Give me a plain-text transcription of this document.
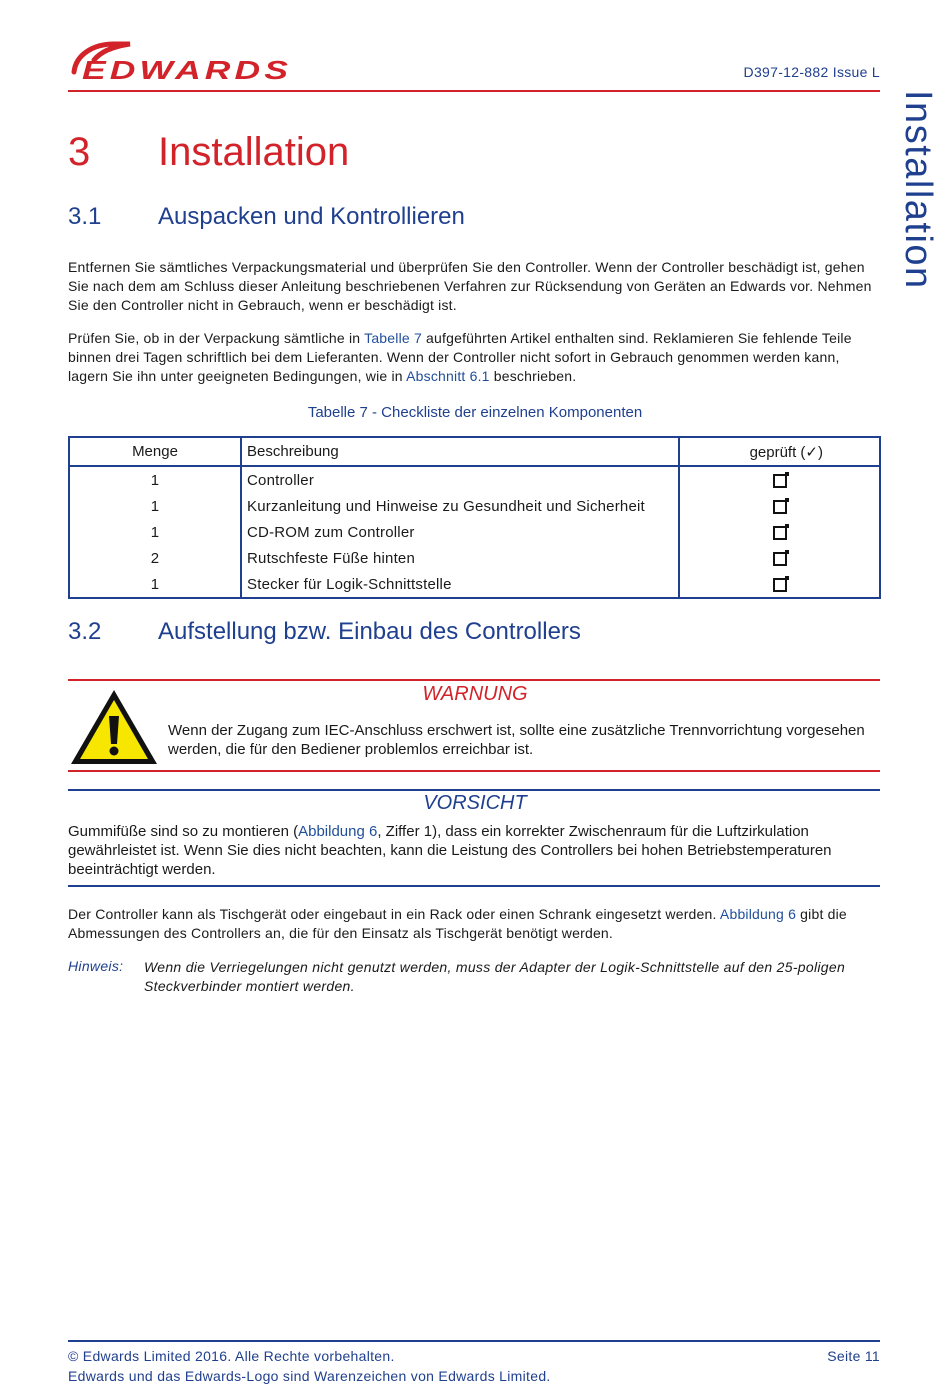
EDWARDS	D397-12-882 Issue L
Installation
3 Installation
3.1 Auspacken und Kontrollieren

Entfernen Sie sämtliches Verpackungsmaterial und überprüfen Sie den Controller. Wenn der Controller beschädigt ist, gehen Sie nach dem am Schluss dieser Anleitung beschriebenen Verfahren zur Rücksendung von Geräten an Edwards vor. Nehmen Sie den Controller nicht in Gebrauch, wenn er beschädigt ist.

Prüfen Sie, ob in der Verpackung sämtliche in Tabelle 7 aufgeführten Artikel enthalten sind. Reklamieren Sie fehlende Teile binnen drei Tagen schriftlich bei dem Lieferanten. Wenn der Controller nicht sofort in Gebrauch genommen werden kann, lagern Sie ihn unter geeigneten Bedingungen, wie in Abschnitt 6.1 beschrieben.

Tabelle 7 - Checkliste der einzelnen Komponenten
Menge	Beschreibung	geprüft (✓)
1	Controller	
1	Kurzanleitung und Hinweise zu Gesundheit und Sicherheit	
1	CD-ROM zum Controller	
2	Rutschfeste Füße hinten	
1	Stecker für Logik-Schnittstelle	
3.2 Aufstellung bzw. Einbau des Controllers
WARNUNG
Wenn der Zugang zum IEC-Anschluss erschwert ist, sollte eine zusätzliche Trennvorrichtung vorgesehen werden, die für den Bediener problemlos erreichbar ist.
VORSICHT
Gummifüße sind so zu montieren (Abbildung 6, Ziffer 1), dass ein korrekter Zwischenraum für die Luftzirkulation gewährleistet ist. Wenn Sie dies nicht beachten, kann die Leistung des Controllers bei hohen Betriebstemperaturen beeinträchtigt werden.

Der Controller kann als Tischgerät oder eingebaut in ein Rack oder einen Schrank eingesetzt werden. Abbildung 6 gibt die Abmessungen des Controllers an, die für den Einsatz als Tischgerät benötigt werden.

Hinweis: Wenn die Verriegelungen nicht genutzt werden, muss der Adapter der Logik-Schnittstelle auf den 25-poligen Steckverbinder montiert werden.
© Edwards Limited 2016. Alle Rechte vorbehalten.
Edwards und das Edwards-Logo sind Warenzeichen von Edwards Limited.
Seite 11
